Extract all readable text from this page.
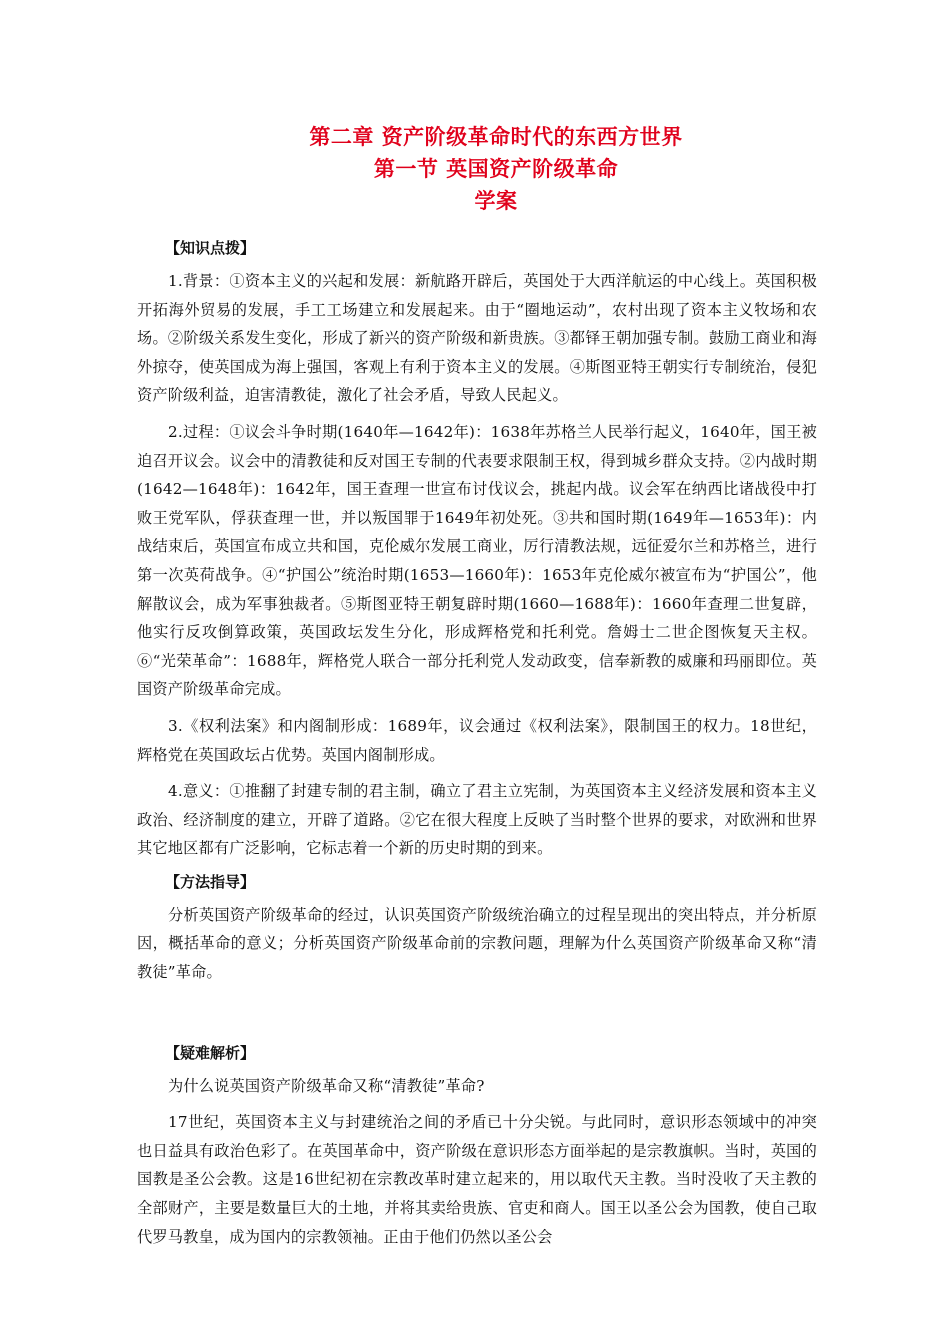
第二章 资产阶级革命时代的东西方世界
第一节 英国资产阶级革命
学案
【知识点拨】

1.背景：①资本主义的兴起和发展：新航路开辟后，英国处于大西洋航运的中心线上。英国积极开拓海外贸易的发展，手工工场建立和发展起来。由于“圈地运动”，农村出现了资本主义牧场和农场。②阶级关系发生变化，形成了新兴的资产阶级和新贵族。③都铎王朝加强专制。鼓励工商业和海外掠夺，使英国成为海上强国，客观上有利于资本主义的发展。④斯图亚特王朝实行专制统治，侵犯资产阶级利益，迫害清教徒，激化了社会矛盾，导致人民起义。

2.过程：①议会斗争时期(1640年—1642年)：1638年苏格兰人民举行起义，1640年，国王被迫召开议会。议会中的清教徒和反对国王专制的代表要求限制王权，得到城乡群众支持。②内战时期(1642—1648年)：1642年，国王查理一世宣布讨伐议会，挑起内战。议会军在纳西比诸战役中打败王党军队，俘获查理一世，并以叛国罪于1649年初处死。③共和国时期(1649年—1653年)：内战结束后，英国宣布成立共和国，克伦威尔发展工商业，厉行清教法规，远征爱尔兰和苏格兰，进行第一次英荷战争。④“护国公”统治时期(1653—1660年)：1653年克伦威尔被宣布为“护国公”，他解散议会，成为军事独裁者。⑤斯图亚特王朝复辟时期(1660—1688年)：1660年查理二世复辟，他实行反攻倒算政策，英国政坛发生分化，形成辉格党和托利党。詹姆士二世企图恢复天主权。⑥“光荣革命”：1688年，辉格党人联合一部分托利党人发动政变，信奉新教的威廉和玛丽即位。英国资产阶级革命完成。

3.《权利法案》和内阁制形成：1689年，议会通过《权利法案》，限制国王的权力。18世纪，辉格党在英国政坛占优势。英国内阁制形成。

4.意义：①推翻了封建专制的君主制，确立了君主立宪制，为英国资本主义经济发展和资本主义政治、经济制度的建立，开辟了道路。②它在很大程度上反映了当时整个世界的要求，对欧洲和世界其它地区都有广泛影响，它标志着一个新的历史时期的到来。

【方法指导】

分析英国资产阶级革命的经过，认识英国资产阶级统治确立的过程呈现出的突出特点，并分析原因，概括革命的意义；分析英国资产阶级革命前的宗教问题，理解为什么英国资产阶级革命又称“清教徒”革命。

【疑难解析】

为什么说英国资产阶级革命又称“清教徒”革命?

17世纪，英国资本主义与封建统治之间的矛盾已十分尖锐。与此同时，意识形态领域中的冲突也日益具有政治色彩了。在英国革命中，资产阶级在意识形态方面举起的是宗教旗帜。当时，英国的国教是圣公会教。这是16世纪初在宗教改革时建立起来的，用以取代天主教。当时没收了天主教的全部财产，主要是数量巨大的土地，并将其卖给贵族、官吏和商人。国王以圣公会为国教，使自己取代罗马教皇，成为国内的宗教领袖。正由于他们仍然以圣公会
